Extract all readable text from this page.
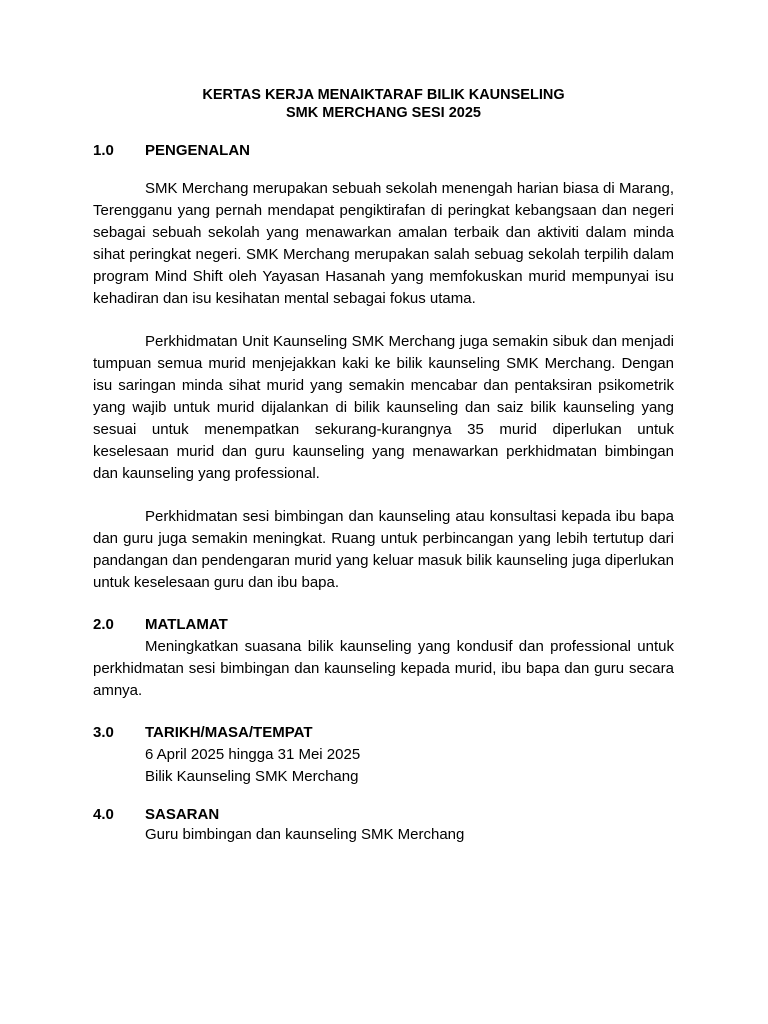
KERTAS KERJA MENAIKTARAF BILIK KAUNSELING
SMK MERCHANG SESI 2025
1.0	PENGENALAN

SMK Merchang merupakan sebuah sekolah menengah harian biasa di Marang, Terengganu yang pernah mendapat pengiktirafan di peringkat kebangsaan dan negeri sebagai sebuah sekolah yang menawarkan amalan terbaik dan aktiviti dalam minda sihat peringkat negeri. SMK Merchang merupakan salah sebuag sekolah terpilih dalam program Mind Shift oleh Yayasan Hasanah yang memfokuskan murid mempunyai isu kehadiran dan isu kesihatan mental sebagai fokus utama.

Perkhidmatan Unit Kaunseling SMK Merchang juga semakin sibuk dan menjadi tumpuan semua murid menjejakkan kaki ke bilik kaunseling SMK Merchang. Dengan isu saringan minda sihat murid yang semakin mencabar dan pentaksiran psikometrik yang wajib untuk murid dijalankan di bilik kaunseling dan saiz bilik kaunseling yang sesuai untuk menempatkan sekurang-kurangnya 35 murid diperlukan untuk keselesaan murid dan guru kaunseling yang menawarkan perkhidmatan bimbingan dan kaunseling yang professional.

Perkhidmatan sesi bimbingan dan kaunseling atau konsultasi kepada ibu bapa dan guru juga semakin meningkat. Ruang untuk perbincangan yang lebih tertutup dari pandangan dan pendengaran murid yang keluar masuk bilik kaunseling juga diperlukan untuk keselesaan guru dan ibu bapa.

2.0	MATLAMAT

Meningkatkan suasana bilik kaunseling yang kondusif dan professional untuk perkhidmatan sesi bimbingan dan kaunseling kepada murid, ibu bapa dan guru secara amnya.

3.0	TARIKH/MASA/TEMPAT
6 April 2025 hingga 31 Mei 2025
Bilik Kaunseling SMK Merchang
4.0	SASARAN
Guru bimbingan dan kaunseling SMK Merchang
